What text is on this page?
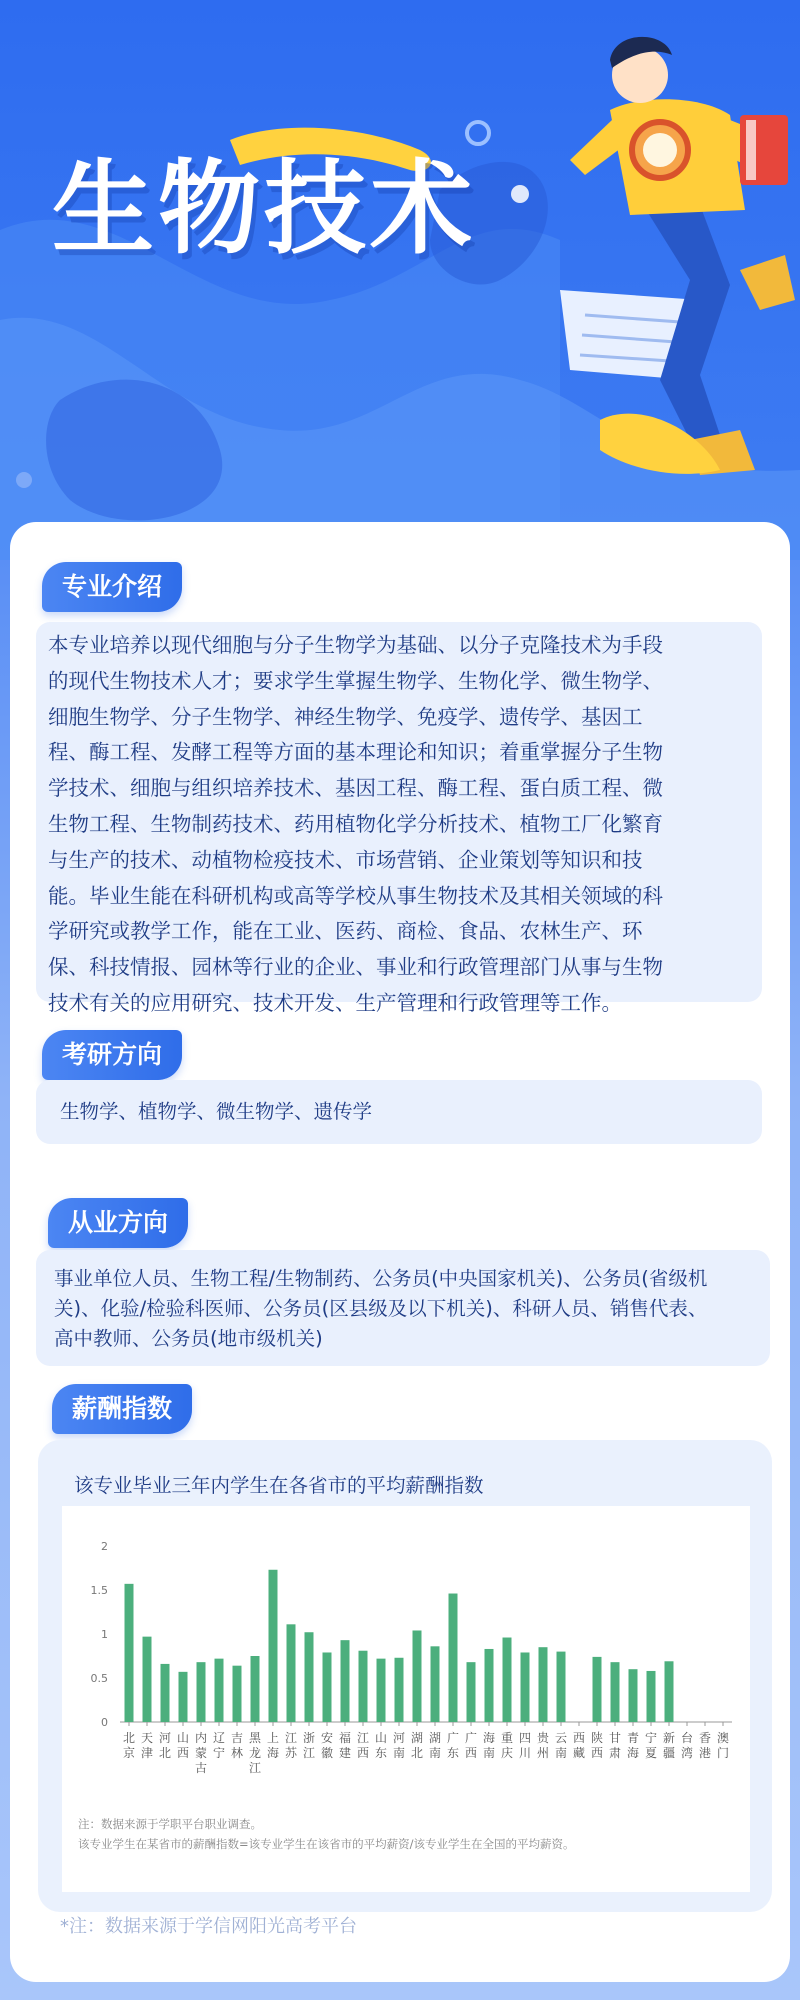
生物技术
专业介绍
本专业培养以现代细胞与分子生物学为基础、以分子克隆技术为手段
的现代生物技术人才；要求学生掌握生物学、生物化学、微生物学、
细胞生物学、分子生物学、神经生物学、免疫学、遗传学、基因工
程、酶工程、发酵工程等方面的基本理论和知识；着重掌握分子生物
学技术、细胞与组织培养技术、基因工程、酶工程、蛋白质工程、微
生物工程、生物制药技术、药用植物化学分析技术、植物工厂化繁育
与生产的技术、动植物检疫技术、市场营销、企业策划等知识和技
能。毕业生能在科研机构或高等学校从事生物技术及其相关领域的科
学研究或教学工作，能在工业、医药、商检、食品、农林生产、环
保、科技情报、园林等行业的企业、事业和行政管理部门从事与生物
技术有关的应用研究、技术开发、生产管理和行政管理等工作。
考研方向
生物学、植物学、微生物学、遗传学
从业方向
事业单位人员、生物工程/生物制药、公务员(中央国家机关)、公务员(省级机
关)、化验/检验科医师、公务员(区县级及以下机关)、科研人员、销售代表、
高中教师、公务员(地市级机关)
薪酬指数
该专业毕业三年内学生在各省市的平均薪酬指数
0
0.5
1
1.5
2
北
京
天
津
河
北
山
西
内
蒙
古
辽
宁
吉
林
黑
龙
江
上
海
江
苏
浙
江
安
徽
福
建
江
西
山
东
河
南
湖
北
湖
南
广
东
广
西
海
南
重
庆
四
川
贵
州
云
南
西
藏
陕
西
甘
肃
青
海
宁
夏
新
疆
台
湾
香
港
澳
门
注：数据来源于学职平台职业调查。
该专业学生在某省市的薪酬指数=该专业学生在该省市的平均薪资/该专业学生在全国的平均薪资。
*注：数据来源于学信网阳光高考平台
